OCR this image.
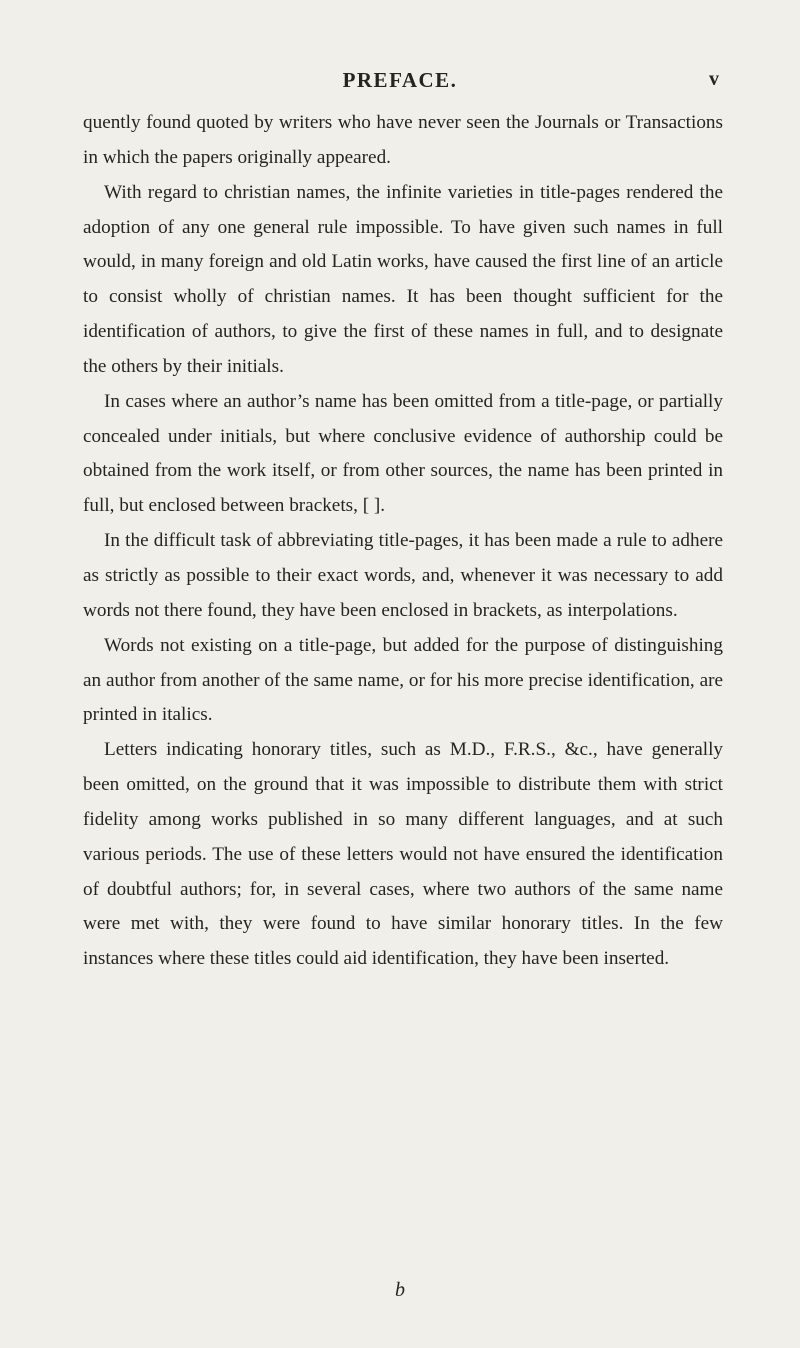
PREFACE.	v

quently found quoted by writers who have never seen the Journals or Transactions in which the papers originally appeared.

With regard to christian names, the infinite varieties in title-pages rendered the adoption of any one general rule impossible. To have given such names in full would, in many foreign and old Latin works, have caused the first line of an article to consist wholly of christian names. It has been thought sufficient for the identification of authors, to give the first of these names in full, and to designate the others by their initials.

In cases where an author’s name has been omitted from a title-page, or partially concealed under initials, but where conclusive evidence of authorship could be obtained from the work itself, or from other sources, the name has been printed in full, but enclosed between brackets, [ ].

In the difficult task of abbreviating title-pages, it has been made a rule to adhere as strictly as possible to their exact words, and, whenever it was necessary to add words not there found, they have been enclosed in brackets, as interpolations.

Words not existing on a title-page, but added for the purpose of distinguishing an author from another of the same name, or for his more precise identification, are printed in italics.

Letters indicating honorary titles, such as M.D., F.R.S., &c., have generally been omitted, on the ground that it was impossible to distribute them with strict fidelity among works published in so many different languages, and at such various periods. The use of these letters would not have ensured the identification of doubtful authors; for, in several cases, where two authors of the same name were met with, they were found to have similar honorary titles. In the few instances where these titles could aid identification, they have been inserted.

b
